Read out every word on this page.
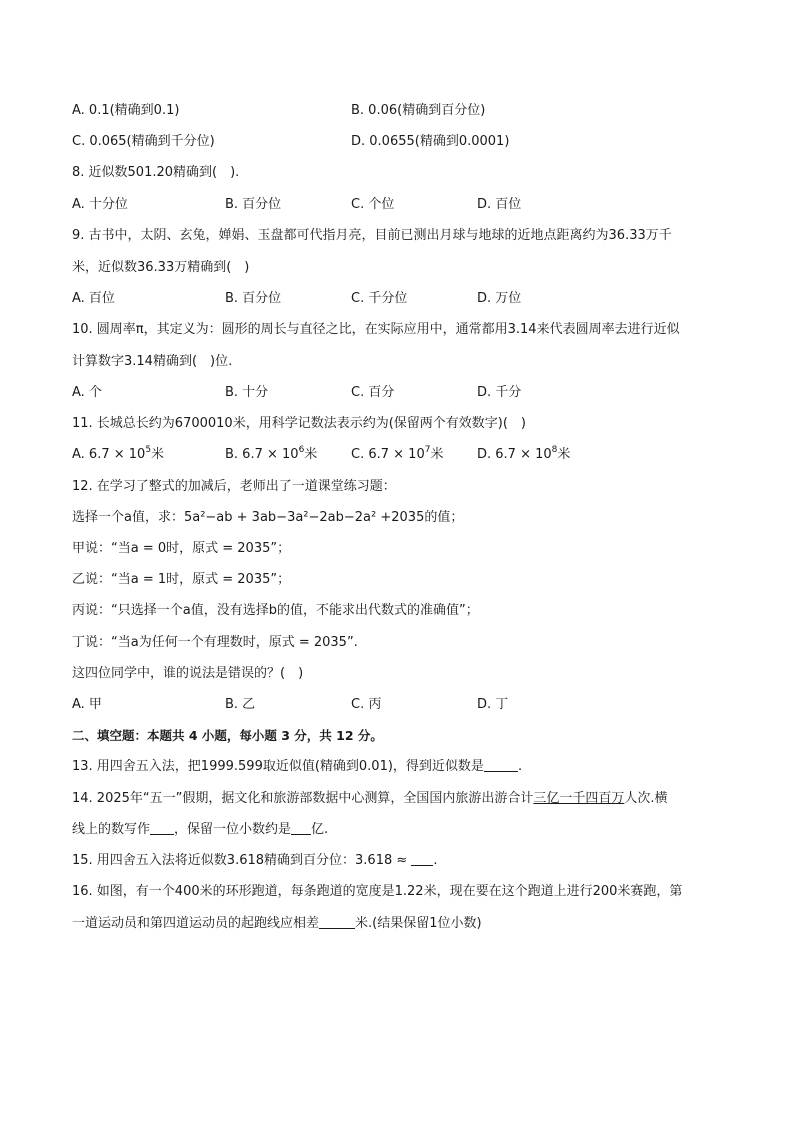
A. 0.1(精确到0.1)	B. 0.06(精确到百分位)
C. 0.065(精确到千分位)	D. 0.0655(精确到0.0001)
8. 近似数501.20精确到(　).
A. 十分位	B. 百分位	C. 个位	D. 百位
9. 古书中，太阴、玄兔，婵娟、玉盘都可代指月亮，目前已测出月球与地球的近地点距离约为36.33万千
米，近似数36.33万精确到(　)
A. 百位	B. 百分位	C. 千分位	D. 万位
10. 圆周率π，其定义为：圆形的周长与直径之比，在实际应用中，通常都用3.14来代表圆周率去进行近似
计算数字3.14精确到(　)位.
A. 个	B. 十分	C. 百分	D. 千分
11. 长城总长约为6700010米，用科学记数法表示约为(保留两个有效数字)(　)
A. $6.7 \times 10^5$米	B. $6.7 \times 10^6$米	C. $6.7 \times 10^7$米	D. $6.7 \times 10^8$米
12. 在学习了整式的加减后，老师出了一道课堂练习题：
选择一个a值，求：5a²−ab + 3ab−3a²−2ab−2a² +2035的值；
甲说：“当a = 0时，原式 = 2035”；
乙说：“当a = 1时，原式 = 2035”；
丙说：“只选择一个a值，没有选择b的值，不能求出代数式的准确值”；
丁说：“当a为任何一个有理数时，原式 = 2035”.
这四位同学中，谁的说法是错误的？(　)
A. 甲	B. 乙	C. 丙	D. 丁
二、填空题：本题共 4 小题，每小题 3 分，共 12 分。
13. 用四舍五入法，把1999.599取近似值(精确到0.01)，得到近似数是	.
14. 2025年“五一”假期，据文化和旅游部数据中心测算，全国国内旅游出游合计三亿一千四百万人次.横
线上的数写作 ，保留一位小数约是 亿.
15. 用四舍五入法将近似数3.618精确到百分位：3.618 ≈ .
16. 如图，有一个400米的环形跑道，每条跑道的宽度是1.22米，现在要在这个跑道上进行200米赛跑，第
一道运动员和第四道运动员的起跑线应相差	米.(结果保留1位小数)
